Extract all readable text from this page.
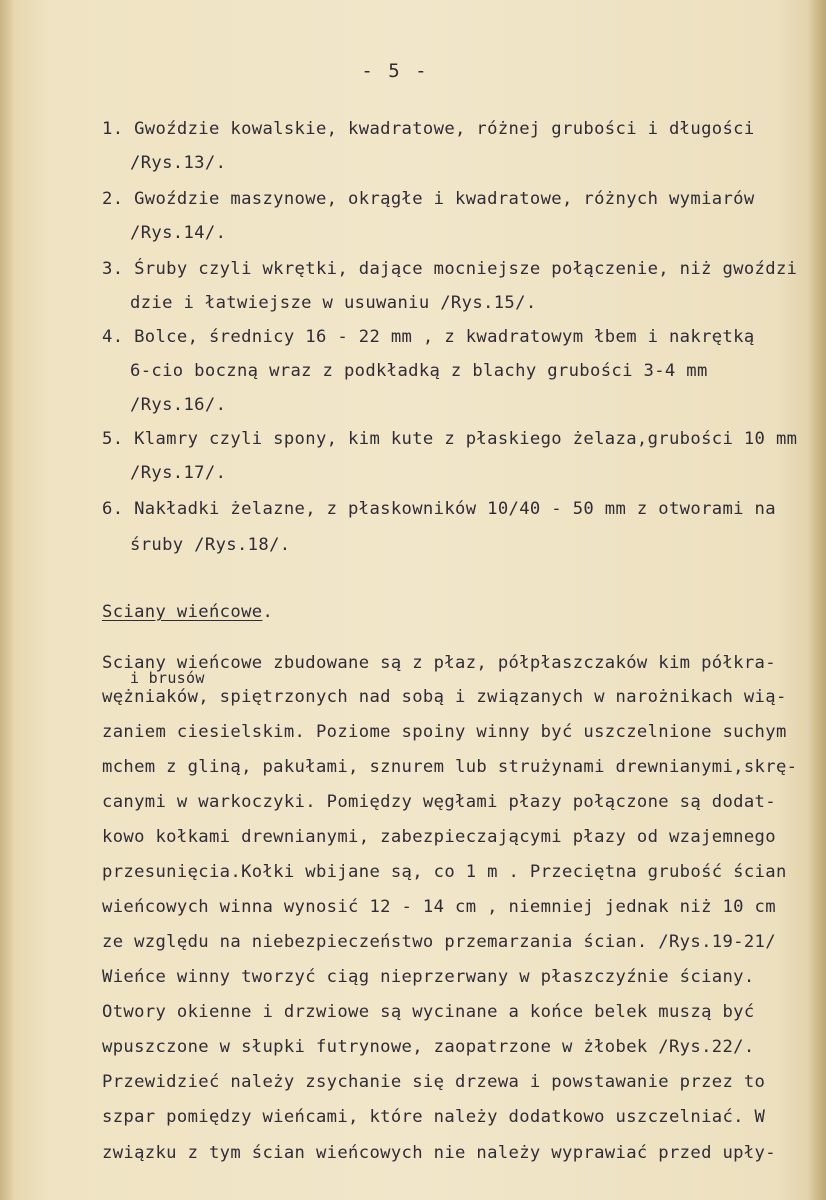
- 5 -
1. Gwoździe kowalskie, kwadratowe, różnej grubości i długości
/Rys.13/.
2. Gwoździe maszynowe, okrągłe i kwadratowe, różnych wymiarów
/Rys.14/.
3. Śruby czyli wkrętki, dające mocniejsze połączenie, niż gwoździ
dzie i łatwiejsze w usuwaniu /Rys.15/.
4. Bolce, średnicy 16 - 22 mm , z kwadratowym łbem i nakrętką
6-cio boczną wraz z podkładką z blachy grubości 3-4 mm
/Rys.16/.
5. Klamry czyli spony, kim kute z płaskiego żelaza,grubości 10 mm
/Rys.17/.
6. Nakładki żelazne, z płaskowników 10/40 - 50 mm z otworami na
śruby /Rys.18/.
Sciany wieńcowe.
i brusów
Sciany wieńcowe zbudowane są z płaz, półpłaszczaków kim półkra-
wężniaków, spiętrzonych nad sobą i związanych w narożnikach wią-
zaniem ciesielskim. Poziome spoiny winny być uszczelnione suchym
mchem z gliną, pakułami, sznurem lub strużynami drewnianymi,skrę-
canymi w warkoczyki. Pomiędzy węgłami płazy połączone są dodat-
kowo kołkami drewnianymi, zabezpieczającymi płazy od wzajemnego
przesunięcia.Kołki wbijane są, co 1 m . Przeciętna grubość ścian
wieńcowych winna wynosić 12 - 14 cm , niemniej jednak niż 10 cm
ze względu na niebezpieczeństwo przemarzania ścian. /Rys.19-21/
Wieńce winny tworzyć ciąg nieprzerwany w płaszczyźnie ściany.
Otwory okienne i drzwiowe są wycinane a końce belek muszą być
wpuszczone w słupki futrynowe, zaopatrzone w żłobek /Rys.22/.
Przewidzieć należy zsychanie się drzewa i powstawanie przez to
szpar pomiędzy wieńcami, które należy dodatkowo uszczelniać. W
związku z tym ścian wieńcowych nie należy wyprawiać przed upły-
